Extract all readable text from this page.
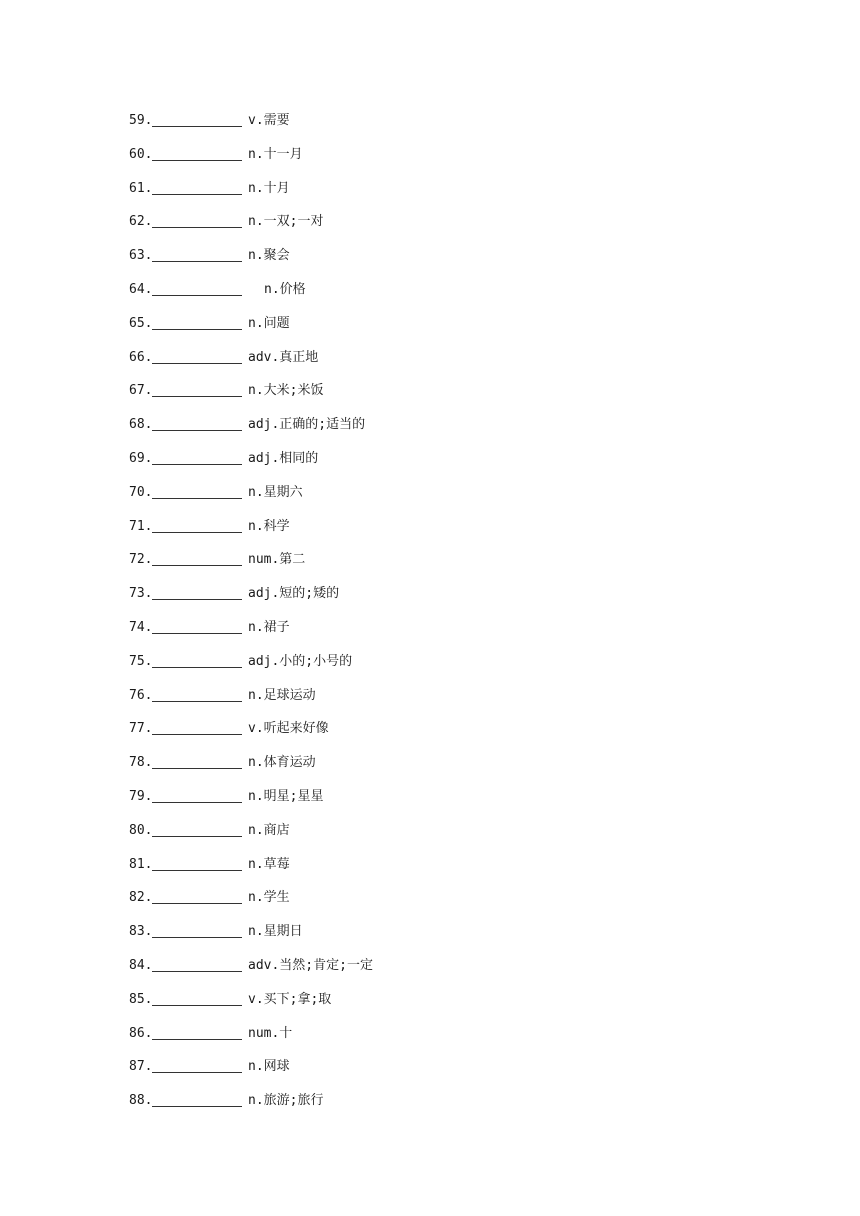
59.	v.需要
60.	n.十一月
61.	n.十月
62.	n.一双;一对
63.	n.聚会
64.	n.价格
65.	n.问题
66.	adv.真正地
67.	n.大米;米饭
68.	adj.正确的;适当的
69.	adj.相同的
70.	n.星期六
71.	n.科学
72.	num.第二
73.	adj.短的;矮的
74.	n.裙子
75.	adj.小的;小号的
76.	n.足球运动
77.	v.听起来好像
78.	n.体育运动
79.	n.明星;星星
80.	n.商店
81.	n.草莓
82.	n.学生
83.	n.星期日
84.	adv.当然;肯定;一定
85.	v.买下;拿;取
86.	num.十
87.	n.网球
88.	n.旅游;旅行
